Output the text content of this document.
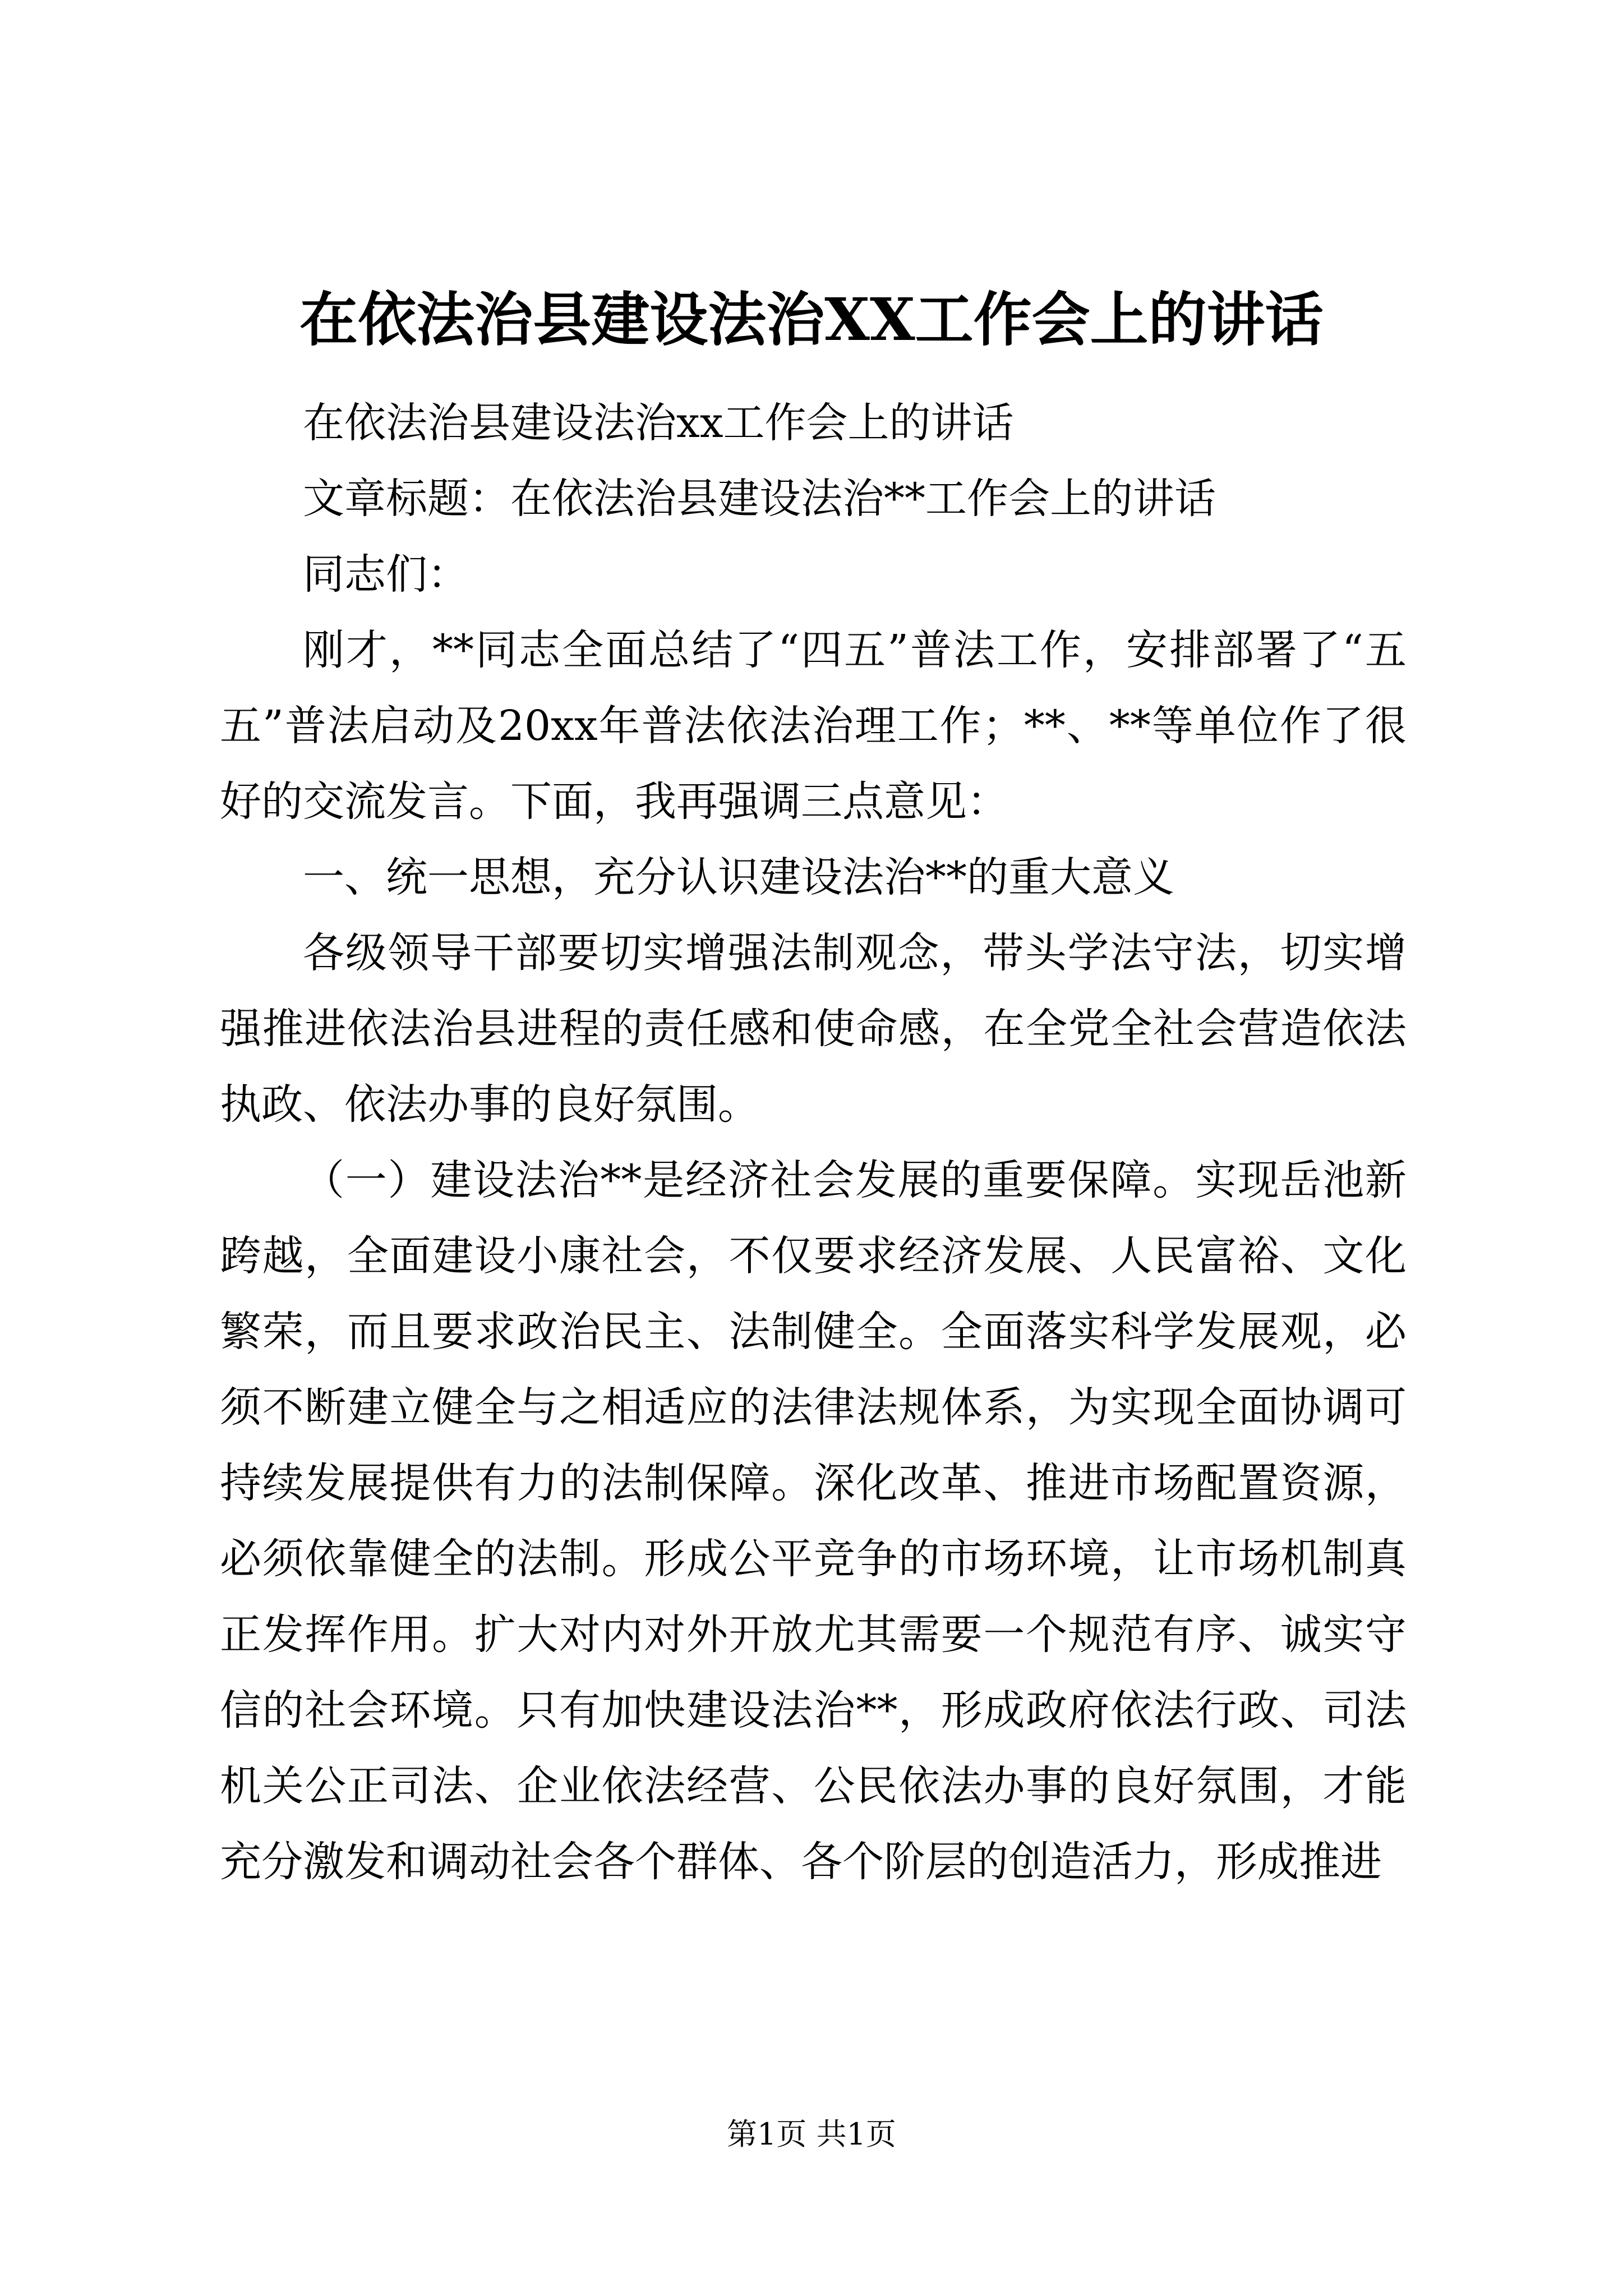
在依法治县建设法治XX工作会上的讲话

在依法治县建设法治xx工作会上的讲话

文章标题：在依法治县建设法治**工作会上的讲话

同志们：

刚才，**同志全面总结了“四五”普法工作，安排部署了“五五”普法启动及20xx年普法依法治理工作；**、**等单位作了很好的交流发言。下面，我再强调三点意见：

一、统一思想，充分认识建设法治**的重大意义

各级领导干部要切实增强法制观念，带头学法守法，切实增强推进依法治县进程的责任感和使命感，在全党全社会营造依法执政、依法办事的良好氛围。

（一）建设法治**是经济社会发展的重要保障。实现岳池新跨越，全面建设小康社会，不仅要求经济发展、人民富裕、文化繁荣，而且要求政治民主、法制健全。全面落实科学发展观，必须不断建立健全与之相适应的法律法规体系，为实现全面协调可持续发展提供有力的法制保障。深化改革、推进市场配置资源，必须依靠健全的法制。形成公平竞争的市场环境，让市场机制真正发挥作用。扩大对内对外开放尤其需要一个规范有序、诚实守信的社会环境。只有加快建设法治**，形成政府依法行政、司法机关公正司法、企业依法经营、公民依法办事的良好氛围，才能充分激发和调动社会各个群体、各个阶层的创造活力，形成推进

第1页 共1页
